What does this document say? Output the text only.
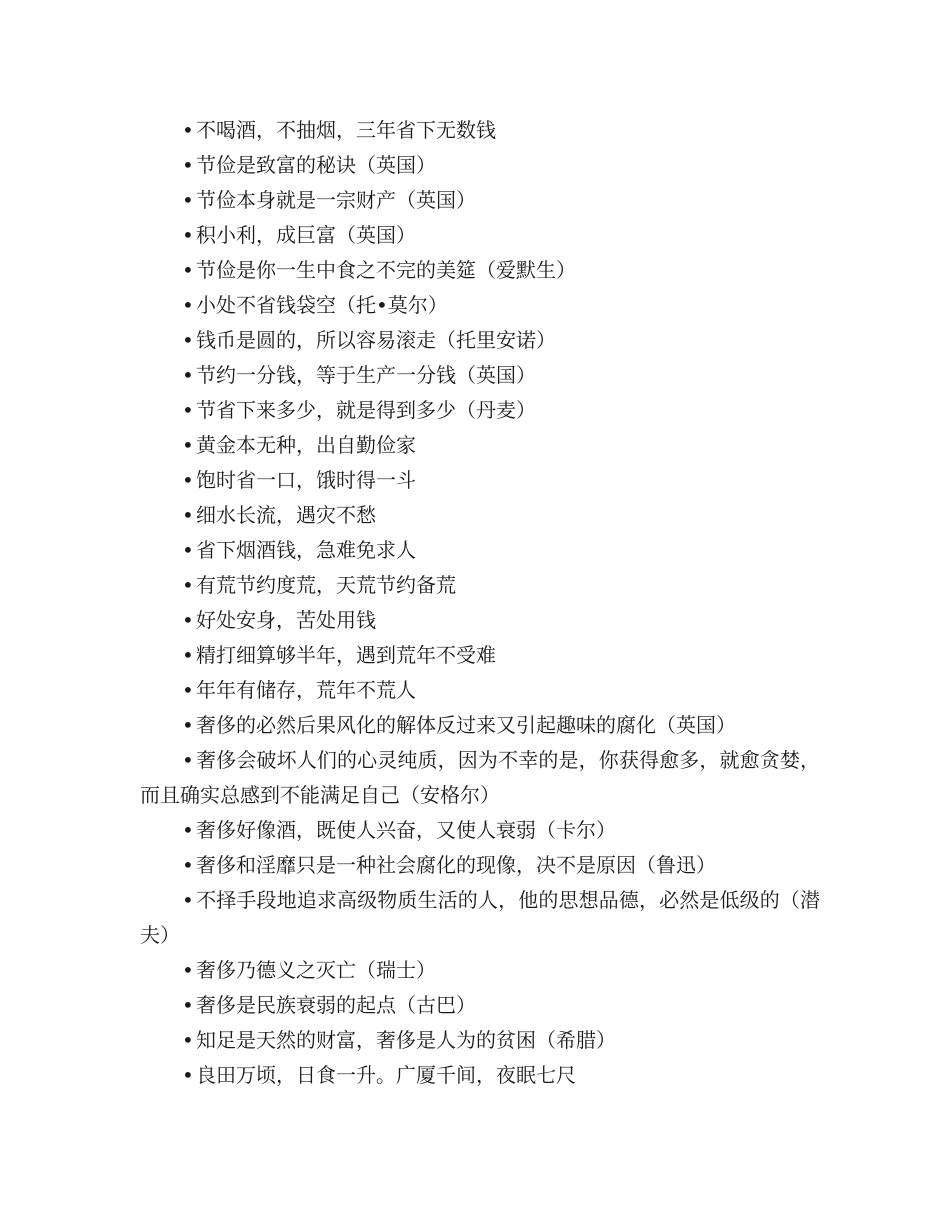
• 不喝酒，不抽烟，三年省下无数钱

• 节俭是致富的秘诀（英国）

• 节俭本身就是一宗财产（英国）

• 积小利，成巨富（英国）

• 节俭是你一生中食之不完的美筵（爱默生）

• 小处不省钱袋空（托•莫尔）

• 钱币是圆的，所以容易滚走（托里安诺）

• 节约一分钱，等于生产一分钱（英国）

• 节省下来多少，就是得到多少（丹麦）

• 黄金本无种，出自勤俭家

• 饱时省一口，饿时得一斗

• 细水长流，遇灾不愁

• 省下烟酒钱，急难免求人

• 有荒节约度荒，天荒节约备荒

• 好处安身，苦处用钱

• 精打细算够半年，遇到荒年不受难

• 年年有储存，荒年不荒人

• 奢侈的必然后果风化的解体反过来又引起趣味的腐化（英国）

• 奢侈会破坏人们的心灵纯质，因为不幸的是，你获得愈多，就愈贪婪，而且确实总感到不能满足自己（安格尔）

• 奢侈好像酒，既使人兴奋，又使人衰弱（卡尔）

• 奢侈和淫靡只是一种社会腐化的现像，决不是原因（鲁迅）

• 不择手段地追求高级物质生活的人，他的思想品德，必然是低级的（潜夫）

• 奢侈乃德义之灭亡（瑞士）

• 奢侈是民族衰弱的起点（古巴）

• 知足是天然的财富，奢侈是人为的贫困（希腊）

• 良田万顷，日食一升。广厦千间，夜眠七尺
